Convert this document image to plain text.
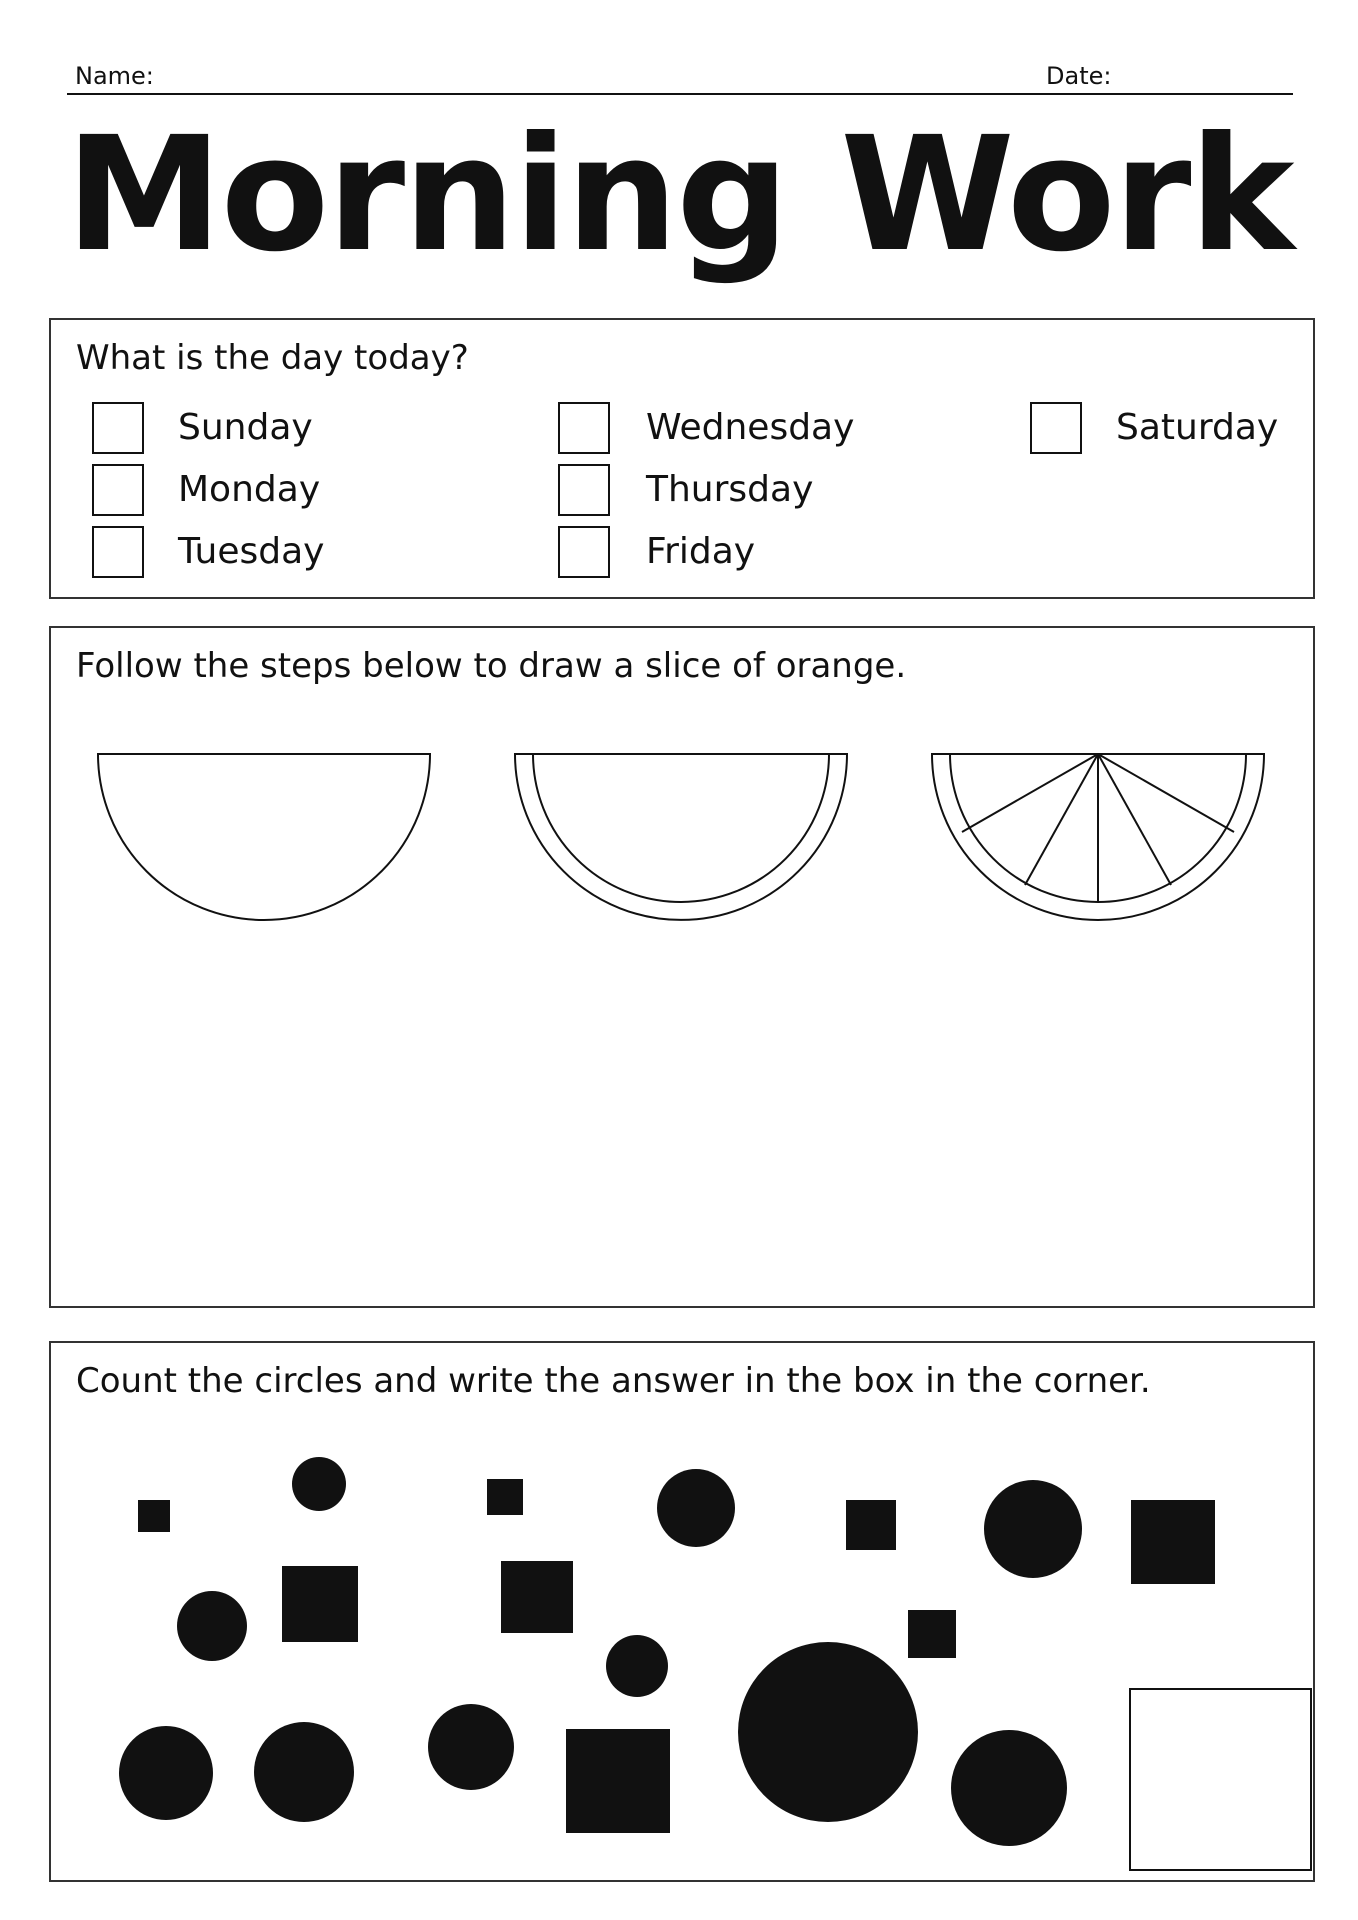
Name:	Date:
Morning Work
What is the day today?
Sunday
Monday
Tuesday
Wednesday
Thursday
Friday
Saturday
Follow the steps below to draw a slice of orange.
Count the circles and write the answer in the box in the corner.
